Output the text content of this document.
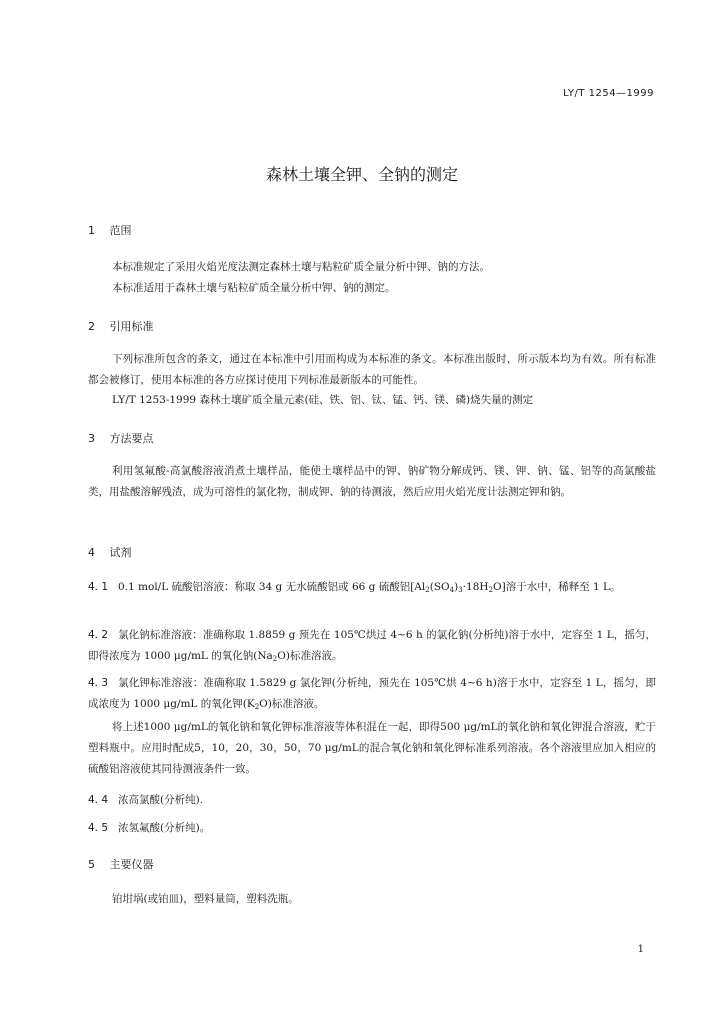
LY/T 1254—1999
森林土壤全钾、全钠的测定
1 范围
本标准规定了采用火焰光度法测定森林土壤与粘粒矿质全量分析中钾、钠的方法。
本标准适用于森林土壤与粘粒矿质全量分析中钾、钠的测定。
2 引用标准
下列标准所包含的条文，通过在本标准中引用而构成为本标准的条文。本标准出版时，所示版本均为有效。所有标准都会被修订，使用本标准的各方应探讨使用下列标准最新版本的可能性。
LY/T 1253-1999 森林土壤矿质全量元素(硅、铁、铝、钛、锰、钙、镁、磷)烧失量的测定
3 方法要点
利用氢氟酸-高氯酸溶液消煮土壤样品，能使土壤样品中的钾、钠矿物分解成钙、镁、钾、钠、锰、铝等的高氯酸盐类，用盐酸溶解残渣，成为可溶性的氯化物，制成钾、钠的待测液，然后应用火焰光度计法测定钾和钠。
4 试剂
4. 1 0.1 mol/L 硫酸铝溶液：称取 34 g 无水硫酸铝或 66 g 硫酸铝$[Al_2(SO_4)_3\cdot 18H_2O]$溶于水中，稀释至 1 L。
4. 2 氯化钠标准溶液：准确称取 1.8859 g 预先在 105℃烘过 4~6 h 的氯化钠(分析纯)溶于水中，定容至 1 L，摇匀，即得浓度为 1000 μg/mL 的氧化钠$(Na_2O)$标准溶液。
4. 3 氯化钾标准溶液：准确称取 1.5829 g 氯化钾(分析纯，预先在 105℃烘 4~6 h)溶于水中，定容至 1 L，摇匀，即成浓度为 1000 μg/mL 的氧化钾$(K_2O)$标准溶液。
将上述1000 μg/mL的氧化钠和氧化钾标准溶液等体积混在一起，即得500 μg/mL的氧化钠和氧化钾混合溶液，贮于塑料瓶中。应用时配成5，10，20，30，50，70 μg/mL的混合氧化钠和氧化钾标准系列溶液。各个溶液里应加入相应的硫酸铝溶液使其同待测液条件一致。
4. 4 浓高氯酸(分析纯).
4. 5 浓氢氟酸(分析纯)。
5 主要仪器
铂坩埚(或铂皿)，塑料量筒，塑料洗瓶。
1
